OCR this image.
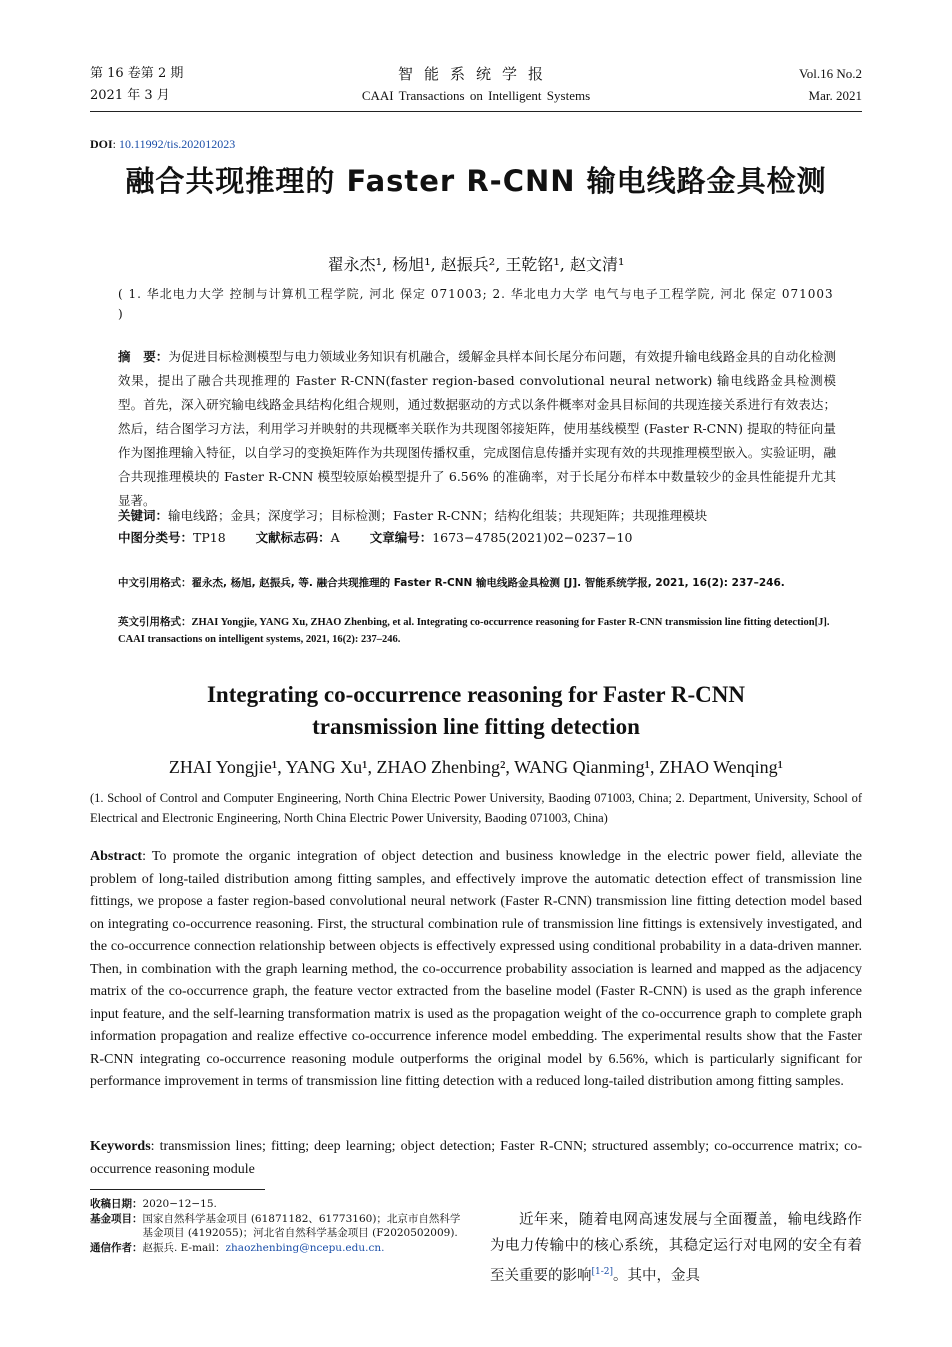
第 16 卷第 2 期
2021 年 3 月
智能系统学报
CAAI Transactions on Intelligent Systems
Vol.16 No.2
Mar. 2021
DOI: 10.11992/tis.202012023
融合共现推理的 Faster R-CNN 输电线路金具检测
翟永杰¹, 杨旭¹, 赵振兵², 王乾铭¹, 赵文清¹
( 1. 华北电力大学 控制与计算机工程学院, 河北 保定 071003; 2. 华北电力大学 电气与电子工程学院, 河北 保定 071003 )
摘　要：为促进目标检测模型与电力领域业务知识有机融合，缓解金具样本间长尾分布问题，有效提升输电线路金具的自动化检测效果，提出了融合共现推理的 Faster R-CNN(faster region-based convolutional neural network) 输电线路金具检测模型。首先，深入研究输电线路金具结构化组合规则，通过数据驱动的方式以条件概率对金具目标间的共现连接关系进行有效表达；然后，结合图学习方法，利用学习并映射的共现概率关联作为共现图邻接矩阵，使用基线模型 (Faster R-CNN) 提取的特征向量作为图推理输入特征，以自学习的变换矩阵作为共现图传播权重，完成图信息传播并实现有效的共现推理模型嵌入。实验证明，融合共现推理模块的 Faster R-CNN 模型较原始模型提升了 6.56% 的准确率，对于长尾分布样本中数量较少的金具性能提升尤其显著。
关键词：输电线路；金具；深度学习；目标检测；Faster R-CNN；结构化组装；共现矩阵；共现推理模块
中图分类号：TP18 文献标志码：A 文章编号：1673−4785(2021)02−0237−10
中文引用格式：翟永杰, 杨旭, 赵振兵, 等. 融合共现推理的 Faster R-CNN 输电线路金具检测 [J]. 智能系统学报, 2021, 16(2): 237–246.
英文引用格式：ZHAI Yongjie, YANG Xu, ZHAO Zhenbing, et al. Integrating co-occurrence reasoning for Faster R-CNN transmission line fitting detection[J]. CAAI transactions on intelligent systems, 2021, 16(2): 237–246.
Integrating co-occurrence reasoning for Faster R-CNN
transmission line fitting detection
ZHAI Yongjie¹, YANG Xu¹, ZHAO Zhenbing², WANG Qianming¹, ZHAO Wenqing¹
(1. School of Control and Computer Engineering, North China Electric Power University, Baoding 071003, China; 2. Department, University, School of Electrical and Electronic Engineering, North China Electric Power University, Baoding 071003, China)
Abstract: To promote the organic integration of object detection and business knowledge in the electric power field, alleviate the problem of long-tailed distribution among fitting samples, and effectively improve the automatic detection effect of transmission line fittings, we propose a faster region-based convolutional neural network (Faster R-CNN) transmission line fitting detection model based on integrating co-occurrence reasoning. First, the structural combination rule of transmission line fittings is extensively investigated, and the co-occurrence connection relationship between objects is effectively expressed using conditional probability in a data-driven manner. Then, in combination with the graph learning method, the co-occurrence probability association is learned and mapped as the adjacency matrix of the co-occurrence graph, the feature vector extracted from the baseline model (Faster R-CNN) is used as the graph inference input feature, and the self-learning transformation matrix is used as the propagation weight of the co-occurrence graph to complete graph information propagation and realize effective co-occurrence inference model embedding. The experimental results show that the Faster R-CNN integrating co-occurrence reasoning module outperforms the original model by 6.56%, which is particularly significant for performance improvement in terms of transmission line fitting detection with a reduced long-tailed distribution among fitting samples.
Keywords: transmission lines; fitting; deep learning; object detection; Faster R-CNN; structured assembly; co-occurrence matrix; co-occurrence reasoning module
收稿日期： 2020−12−15.
基金项目： 国家自然科学基金项目 (61871182、61773160)；北京市自然科学基金项目 (4192055)；河北省自然科学基金项目 (F2020502009).
通信作者： 赵振兵. E-mail：zhaozhenbing@ncepu.edu.cn.
近年来，随着电网高速发展与全面覆盖，输电线路作为电力传输中的核心系统，其稳定运行对电网的安全有着至关重要的影响[1-2]。其中，金具
